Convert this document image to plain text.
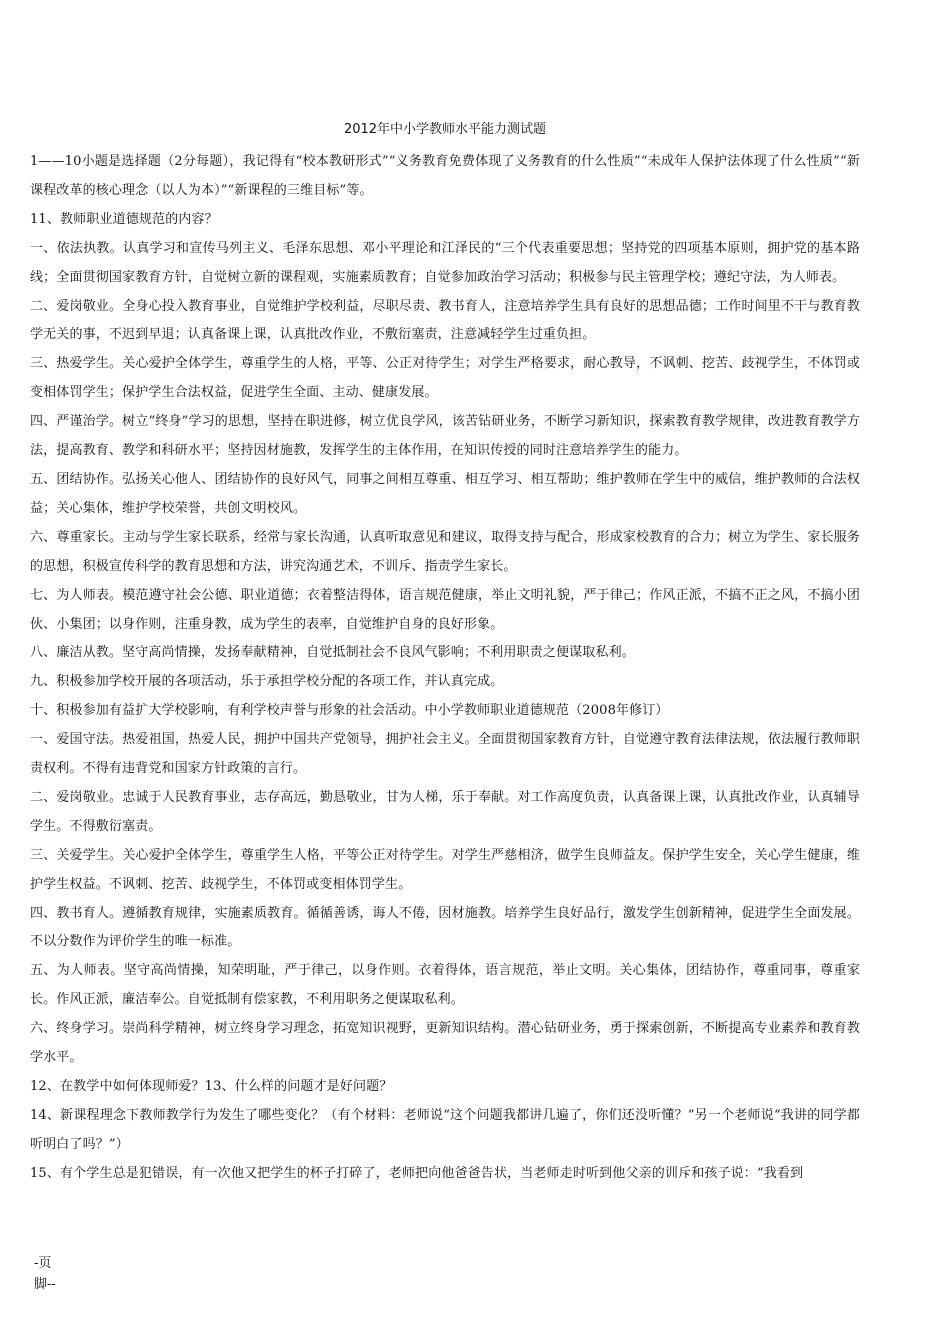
2012年中小学教师水平能力测试题

1——10小题是选择题（2分每题），我记得有“校本教研形式”“义务教育免费体现了义务教育的什么性质”“未成年人保护法体现了什么性质”“新课程改革的核心理念（以人为本）”“新课程的三维目标”等。

11、教师职业道德规范的内容？

一、依法执教。认真学习和宣传马列主义、毛泽东思想、邓小平理论和江泽民的“三个代表重要思想；坚持党的四项基本原则，拥护党的基本路线；全面贯彻国家教育方针，自觉树立新的课程观，实施素质教育；自觉参加政治学习活动；积极参与民主管理学校；遵纪守法，为人师表。

二、爱岗敬业。全身心投入教育事业，自觉维护学校利益，尽职尽责、教书育人，注意培养学生具有良好的思想品德；工作时间里不干与教育教学无关的事，不迟到早退；认真备课上课，认真批改作业，不敷衍塞责，注意减轻学生过重负担。

三、热爱学生。关心爱护全体学生，尊重学生的人格，平等、公正对待学生；对学生严格要求，耐心教导，不讽刺、挖苦、歧视学生，不体罚或变相体罚学生；保护学生合法权益，促进学生全面、主动、健康发展。

四、严谨治学。树立“终身”学习的思想，坚持在职进修，树立优良学风，该苦钻研业务，不断学习新知识，探索教育教学规律，改进教育教学方法，提高教育、教学和科研水平；坚持因材施教，发挥学生的主体作用，在知识传授的同时注意培养学生的能力。

五、团结协作。弘扬关心他人、团结协作的良好风气，同事之间相互尊重、相互学习、相互帮助；维护教师在学生中的威信，维护教师的合法权益；关心集体，维护学校荣誉，共创文明校风。

六、尊重家长。主动与学生家长联系，经常与家长沟通，认真听取意见和建议，取得支持与配合，形成家校教育的合力；树立为学生、家长服务的思想，积极宣传科学的教育思想和方法，讲究沟通艺术，不训斥、指责学生家长。

七、为人师表。模范遵守社会公德、职业道德；衣着整洁得体，语言规范健康，举止文明礼貌，严于律己；作风正派，不搞不正之风，不搞小团伙、小集团；以身作则，注重身教，成为学生的表率，自觉维护自身的良好形象。

八、廉洁从教。坚守高尚情操，发扬奉献精神，自觉抵制社会不良风气影响；不利用职责之便谋取私利。

九、积极参加学校开展的各项活动，乐于承担学校分配的各项工作，并认真完成。

十、积极参加有益扩大学校影响，有利学校声誉与形象的社会活动。中小学教师职业道德规范（2008年修订）

一、爱国守法。热爱祖国，热爱人民，拥护中国共产党领导，拥护社会主义。全面贯彻国家教育方针，自觉遵守教育法律法规，依法履行教师职责权利。不得有违背党和国家方针政策的言行。

二、爱岗敬业。忠诚于人民教育事业，志存高远，勤恳敬业，甘为人梯，乐于奉献。对工作高度负责，认真备课上课，认真批改作业，认真辅导学生。不得敷衍塞责。

三、关爱学生。关心爱护全体学生，尊重学生人格，平等公正对待学生。对学生严慈相济，做学生良师益友。保护学生安全，关心学生健康，维护学生权益。不讽刺、挖苦、歧视学生，不体罚或变相体罚学生。

四、教书育人。遵循教育规律，实施素质教育。循循善诱，诲人不倦，因材施教。培养学生良好品行，激发学生创新精神，促进学生全面发展。不以分数作为评价学生的唯一标准。

五、为人师表。坚守高尚情操，知荣明耻，严于律己，以身作则。衣着得体，语言规范，举止文明。关心集体，团结协作，尊重同事，尊重家长。作风正派，廉洁奉公。自觉抵制有偿家教，不利用职务之便谋取私利。

六、终身学习。崇尚科学精神，树立终身学习理念，拓宽知识视野，更新知识结构。潜心钻研业务，勇于探索创新，不断提高专业素养和教育教学水平。

12、在教学中如何体现师爱？13、什么样的问题才是好问题？

14、新课程理念下教师教学行为发生了哪些变化？（有个材料：老师说“这个问题我都讲几遍了，你们还没听懂？”另一个老师说“我讲的同学都听明白了吗？”）

15、有个学生总是犯错误，有一次他又把学生的杯子打碎了，老师把向他爸爸告状，当老师走时听到他父亲的训斥和孩子说：“我看到

-页
脚--
